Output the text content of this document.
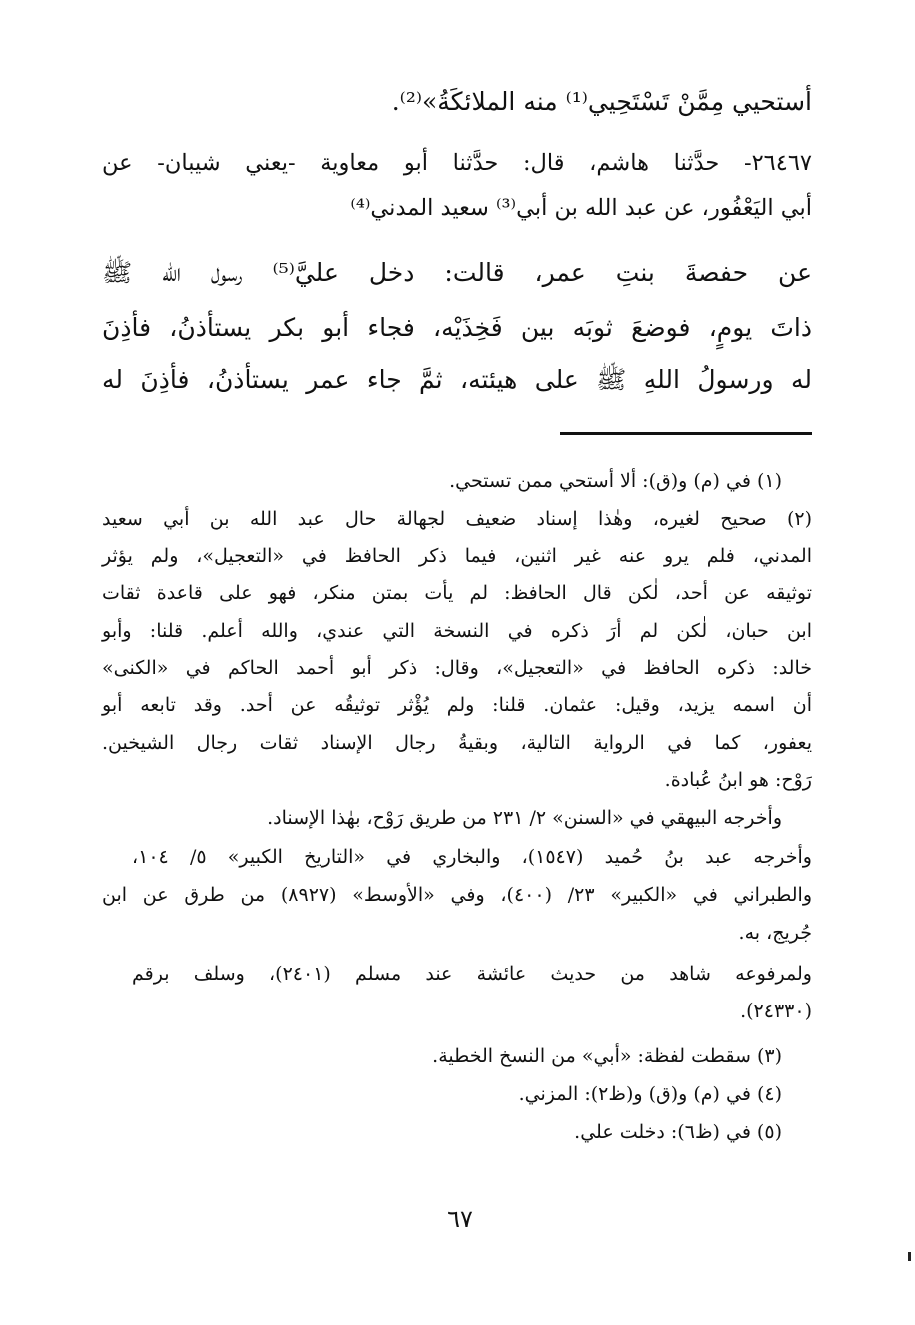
أستحيي مِمَّنْ تَسْتَحِيي⁽¹⁾ منه الملائكَةُ»⁽²⁾.
٢٦٤٦٧- حدَّثنا هاشم، قال: حدَّثنا أبو معاوية -يعني شيبان- عن
أبي اليَعْفُور، عن عبد الله بن أبي⁽³⁾ سعيد المدني⁽⁴⁾
عن حفصةَ بنتِ عمر، قالت: دخل عليَّ⁽⁵⁾ رسول الله ﷺ
ذاتَ يومٍ، فوضعَ ثوبَه بين فَخِذَيْه، فجاء أبو بكر يستأذنُ، فأذِنَ
له ورسولُ اللهِ ﷺ على هيئته، ثمَّ جاء عمر يستأذنُ، فأذِنَ له
(١) في (م) و(ق): ألا أستحي ممن تستحي.
(٢) صحيح لغيره، وهٰذا إسناد ضعيف لجهالة حال عبد الله بن أبي سعيد
المدني، فلم يرو عنه غير اثنين، فيما ذكر الحافظ في «التعجيل»، ولم يؤثر
توثيقه عن أحد، لٰكن قال الحافظ: لم يأت بمتن منكر، فهو على قاعدة ثقات
ابن حبان، لٰكن لم أرَ ذكره في النسخة التي عندي، والله أعلم. قلنا: وأبو
خالد: ذكره الحافظ في «التعجيل»، وقال: ذكر أبو أحمد الحاكم في «الكنى»
أن اسمه يزيد، وقيل: عثمان. قلنا: ولم يُؤْثر توثيقُه عن أحد. وقد تابعه أبو
يعفور، كما في الرواية التالية، وبقيةُ رجال الإسناد ثقات رجال الشيخين.
رَوْح: هو ابنُ عُبادة.
وأخرجه البيهقي في «السنن» ٢/ ٢٣١ من طريق رَوْح، بهٰذا الإسناد.
وأخرجه عبد بنُ حُميد (١٥٤٧)، والبخاري في «التاريخ الكبير» ٥/ ١٠٤،
والطبراني في «الكبير» ٢٣/ (٤٠٠)، وفي «الأوسط» (٨٩٢٧) من طرق عن ابن
جُريج، به.
ولمرفوعه شاهد من حديث عائشة عند مسلم (٢٤٠١)، وسلف برقم
(٢٤٣٣٠).
(٣) سقطت لفظة: «أبي» من النسخ الخطية.
(٤) في (م) و(ق) و(ظ٢): المزني.
(٥) في (ظ٦): دخلت علي.
٦٧
